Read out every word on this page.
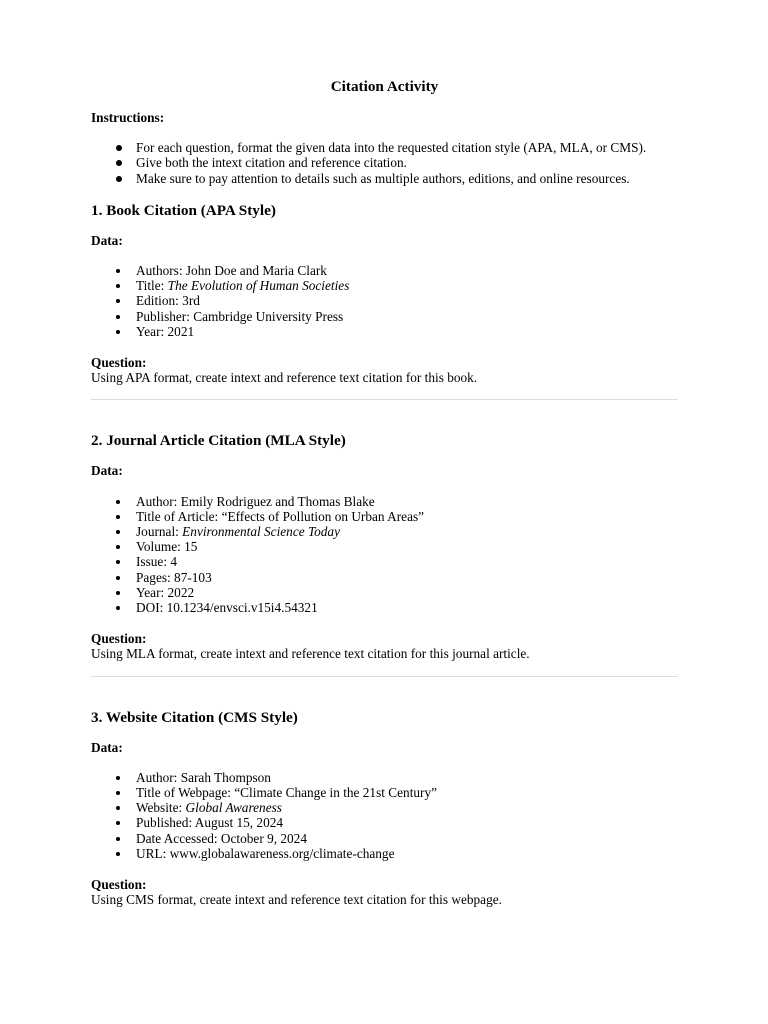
Citation Activity

Instructions:

For each question, format the given data into the requested citation style (APA, MLA, or CMS).
Give both the intext citation and reference citation.
Make sure to pay attention to details such as multiple authors, editions, and online resources.
1. Book Citation (APA Style)

Data:

Authors: John Doe and Maria Clark
Title: The Evolution of Human Societies
Edition: 3rd
Publisher: Cambridge University Press
Year: 2021

Question:

Using APA format, create intext and reference text citation for this book.

2. Journal Article Citation (MLA Style)

Data:

Author: Emily Rodriguez and Thomas Blake
Title of Article: “Effects of Pollution on Urban Areas”
Journal: Environmental Science Today
Volume: 15
Issue: 4
Pages: 87-103
Year: 2022
DOI: 10.1234/envsci.v15i4.54321

Question:

Using MLA format, create intext and reference text citation for this journal article.

3. Website Citation (CMS Style)

Data:

Author: Sarah Thompson
Title of Webpage: “Climate Change in the 21st Century”
Website: Global Awareness
Published: August 15, 2024
Date Accessed: October 9, 2024
URL: www.globalawareness.org/climate-change

Question:

Using CMS format, create intext and reference text citation for this webpage.
